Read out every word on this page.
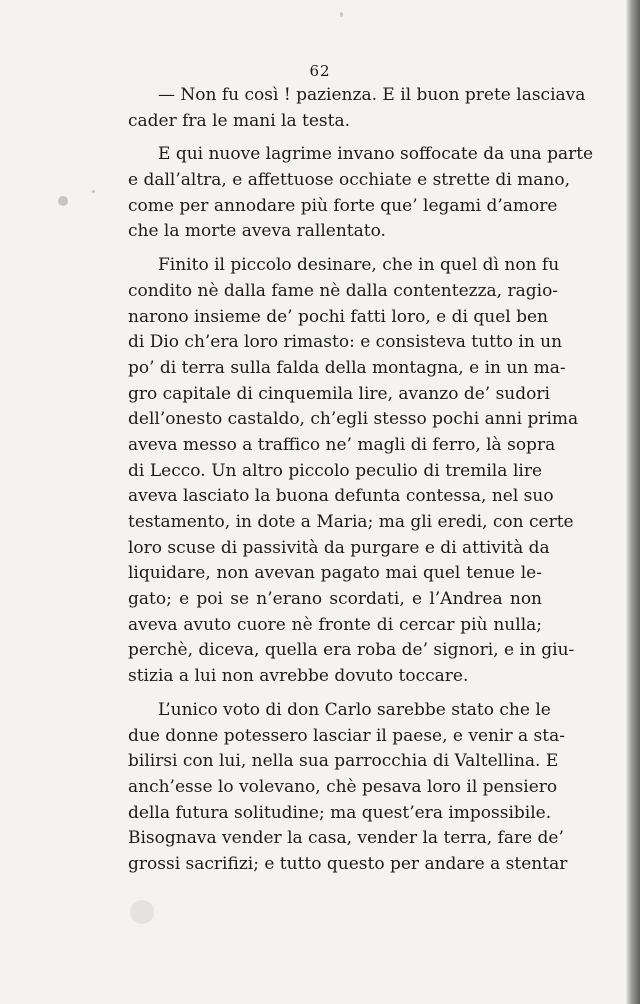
62
— Non fu così ! pazienza. E il buon prete lasciava
cader fra le mani la testa.
E qui nuove lagrime invano soffocate da una parte
e dall’altra, e affettuose occhiate e strette di mano,
come per annodare più forte que’ legami d’amore
che la morte aveva rallentato.
Finito il piccolo desinare, che in quel dì non fu
condito nè dalla fame nè dalla contentezza, ragio-
narono insieme de’ pochi fatti loro, e di quel ben
di Dio ch’era loro rimasto: e consisteva tutto in un
po’ di terra sulla falda della montagna, e in un ma-
gro capitale di cinquemila lire, avanzo de’ sudori
dell’onesto castaldo, ch’egli stesso pochi anni prima
aveva messo a traffico ne’ magli di ferro, là sopra
di Lecco. Un altro piccolo peculio di tremila lire
aveva lasciato la buona defunta contessa, nel suo
testamento, in dote a Maria; ma gli eredi, con certe
loro scuse di passività da purgare e di attività da
liquidare, non avevan pagato mai quel tenue le-
gato; e poi se n’erano scordati, e l’Andrea non
aveva avuto cuore nè fronte di cercar più nulla;
perchè, diceva, quella era roba de’ signori, e in giu-
stizia a lui non avrebbe dovuto toccare.
L’unico voto di don Carlo sarebbe stato che le
due donne potessero lasciar il paese, e venir a sta-
bilirsi con lui, nella sua parrocchia di Valtellina. E
anch’esse lo volevano, chè pesava loro il pensiero
della futura solitudine; ma quest’era impossibile.
Bisognava vender la casa, vender la terra, fare de’
grossi sacrifizi; e tutto questo per andare a stentar
